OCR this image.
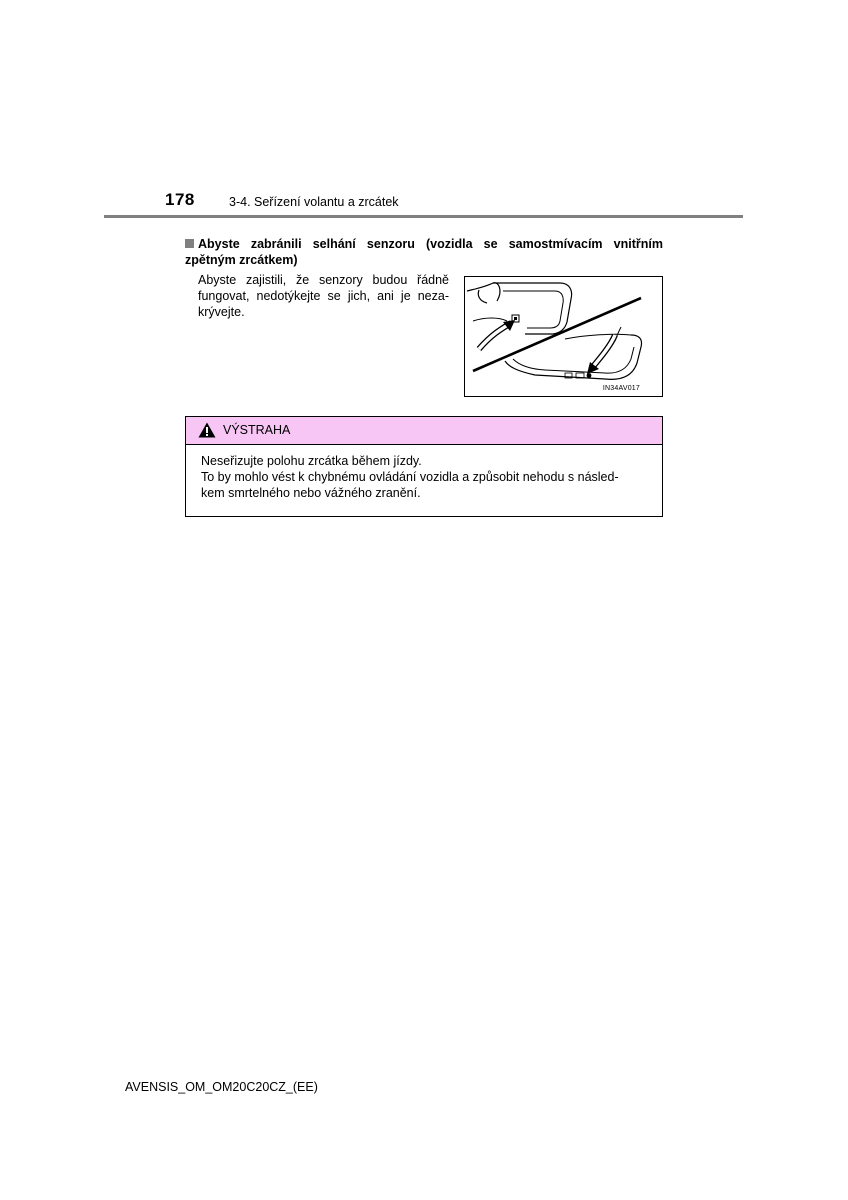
178	3-4. Seřízení volantu a zrcátek
Abyste zabránili selhání senzoru (vozidla se samostmívacím vnitřním zpětným zrcátkem)
Abyste zajistili, že senzory budou řádně
fungovat, nedotýkejte se jich, ani je neza-
krývejte.
IN34AV017
VÝSTRAHA
Neseřizujte polohu zrcátka během jízdy.
To by mohlo vést k chybnému ovládání vozidla a způsobit nehodu s násled-
kem smrtelného nebo vážného zranění.
AVENSIS_OM_OM20C20CZ_(EE)
